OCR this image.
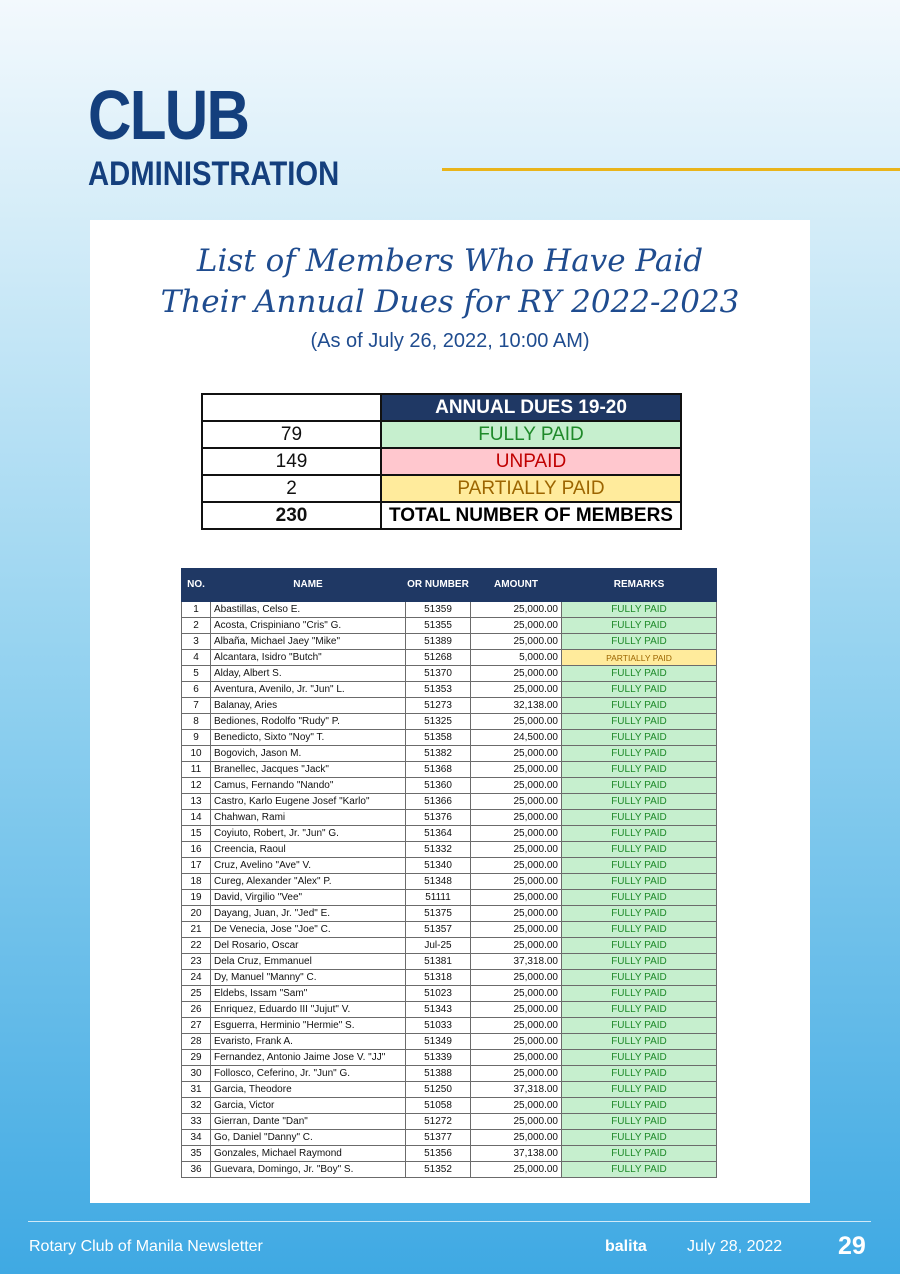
CLUB
ADMINISTRATION
List of Members Who Have Paid
Their Annual Dues for RY 2022-2023
(As of July 26, 2022, 10:00 AM)
	ANNUAL DUES 19-20
79	FULLY PAID
149	UNPAID
2	PARTIALLY PAID
230	TOTAL NUMBER OF MEMBERS
NO.	NAME	OR NUMBER	AMOUNT	REMARKS
1	Abastillas, Celso E.	51359	25,000.00	FULLY PAID
2	Acosta, Crispiniano "Cris" G.	51355	25,000.00	FULLY PAID
3	Albaña, Michael Jaey "Mike"	51389	25,000.00	FULLY PAID
4	Alcantara, Isidro "Butch"	51268	5,000.00	PARTIALLY PAID
5	Alday, Albert S.	51370	25,000.00	FULLY PAID
6	Aventura, Avenilo, Jr. "Jun" L.	51353	25,000.00	FULLY PAID
7	Balanay, Aries	51273	32,138.00	FULLY PAID
8	Bediones, Rodolfo "Rudy" P.	51325	25,000.00	FULLY PAID
9	Benedicto, Sixto "Noy" T.	51358	24,500.00	FULLY PAID
10	Bogovich, Jason M.	51382	25,000.00	FULLY PAID
11	Branellec, Jacques "Jack"	51368	25,000.00	FULLY PAID
12	Camus, Fernando "Nando"	51360	25,000.00	FULLY PAID
13	Castro, Karlo Eugene Josef "Karlo"	51366	25,000.00	FULLY PAID
14	Chahwan, Rami	51376	25,000.00	FULLY PAID
15	Coyiuto, Robert, Jr. "Jun" G.	51364	25,000.00	FULLY PAID
16	Creencia, Raoul	51332	25,000.00	FULLY PAID
17	Cruz, Avelino "Ave" V.	51340	25,000.00	FULLY PAID
18	Cureg, Alexander "Alex" P.	51348	25,000.00	FULLY PAID
19	David, Virgilio "Vee"	51111	25,000.00	FULLY PAID
20	Dayang, Juan, Jr. "Jed" E.	51375	25,000.00	FULLY PAID
21	De Venecia, Jose "Joe" C.	51357	25,000.00	FULLY PAID
22	Del Rosario, Oscar	Jul-25	25,000.00	FULLY PAID
23	Dela Cruz, Emmanuel	51381	37,318.00	FULLY PAID
24	Dy, Manuel "Manny" C.	51318	25,000.00	FULLY PAID
25	Eldebs, Issam "Sam"	51023	25,000.00	FULLY PAID
26	Enriquez, Eduardo III "Jujut" V.	51343	25,000.00	FULLY PAID
27	Esguerra, Herminio "Hermie" S.	51033	25,000.00	FULLY PAID
28	Evaristo, Frank A.	51349	25,000.00	FULLY PAID
29	Fernandez, Antonio Jaime Jose V. "JJ"	51339	25,000.00	FULLY PAID
30	Follosco, Ceferino, Jr. "Jun" G.	51388	25,000.00	FULLY PAID
31	Garcia, Theodore	51250	37,318.00	FULLY PAID
32	Garcia, Victor	51058	25,000.00	FULLY PAID
33	Gierran, Dante "Dan"	51272	25,000.00	FULLY PAID
34	Go, Daniel "Danny" C.	51377	25,000.00	FULLY PAID
35	Gonzales, Michael Raymond	51356	37,138.00	FULLY PAID
36	Guevara, Domingo, Jr. "Boy" S.	51352	25,000.00	FULLY PAID
Rotary Club of Manila Newsletter	balita	July 28, 2022 29
